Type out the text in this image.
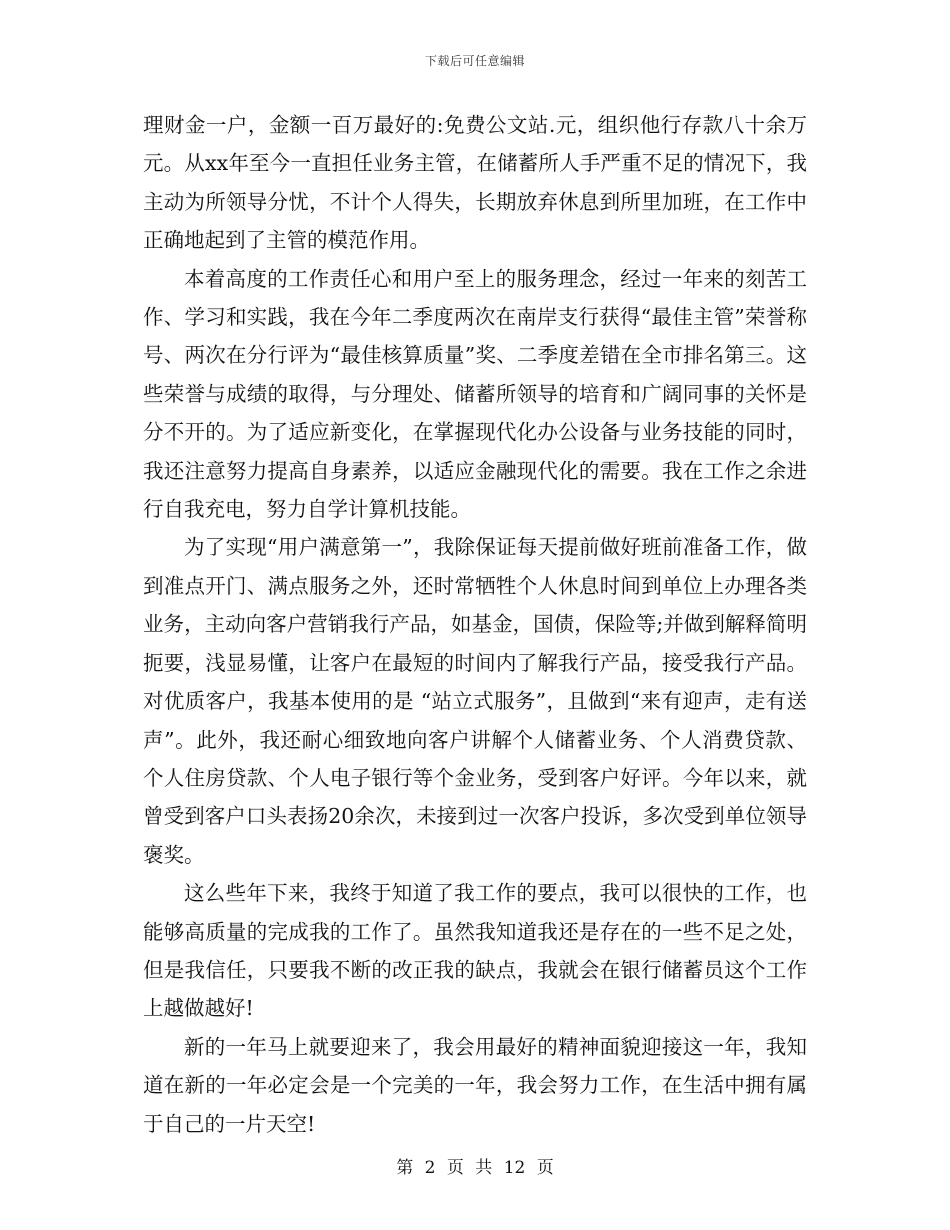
下载后可任意编辑

理财金一户，金额一百万最好的:免费公文站.元，组织他行存款八十余万元。从xx年至今一直担任业务主管，在储蓄所人手严重不足的情况下，我主动为所领导分忧，不计个人得失，长期放弃休息到所里加班，在工作中正确地起到了主管的模范作用。

本着高度的工作责任心和用户至上的服务理念，经过一年来的刻苦工作、学习和实践，我在今年二季度两次在南岸支行获得“最佳主管”荣誉称号、两次在分行评为“最佳核算质量”奖、二季度差错在全市排名第三。这些荣誉与成绩的取得，与分理处、储蓄所领导的培育和广阔同事的关怀是分不开的。为了适应新变化，在掌握现代化办公设备与业务技能的同时，我还注意努力提高自身素养，以适应金融现代化的需要。我在工作之余进行自我充电，努力自学计算机技能。

为了实现“用户满意第一”，我除保证每天提前做好班前准备工作，做到准点开门、满点服务之外，还时常牺牲个人休息时间到单位上办理各类业务，主动向客户营销我行产品，如基金，国债，保险等;并做到解释简明扼要，浅显易懂，让客户在最短的时间内了解我行产品，接受我行产品。对优质客户，我基本使用的是 “站立式服务”，且做到“来有迎声，走有送声”。此外，我还耐心细致地向客户讲解个人储蓄业务、个人消费贷款、个人住房贷款、个人电子银行等个金业务，受到客户好评。今年以来，就曾受到客户口头表扬20余次，未接到过一次客户投诉，多次受到单位领导褒奖。

这么些年下来，我终于知道了我工作的要点，我可以很快的工作，也能够高质量的完成我的工作了。虽然我知道我还是存在的一些不足之处，但是我信任，只要我不断的改正我的缺点，我就会在银行储蓄员这个工作上越做越好!

新的一年马上就要迎来了，我会用最好的精神面貌迎接这一年，我知道在新的一年必定会是一个完美的一年，我会努力工作，在生活中拥有属于自己的一片天空!

第 2 页 共 12 页
